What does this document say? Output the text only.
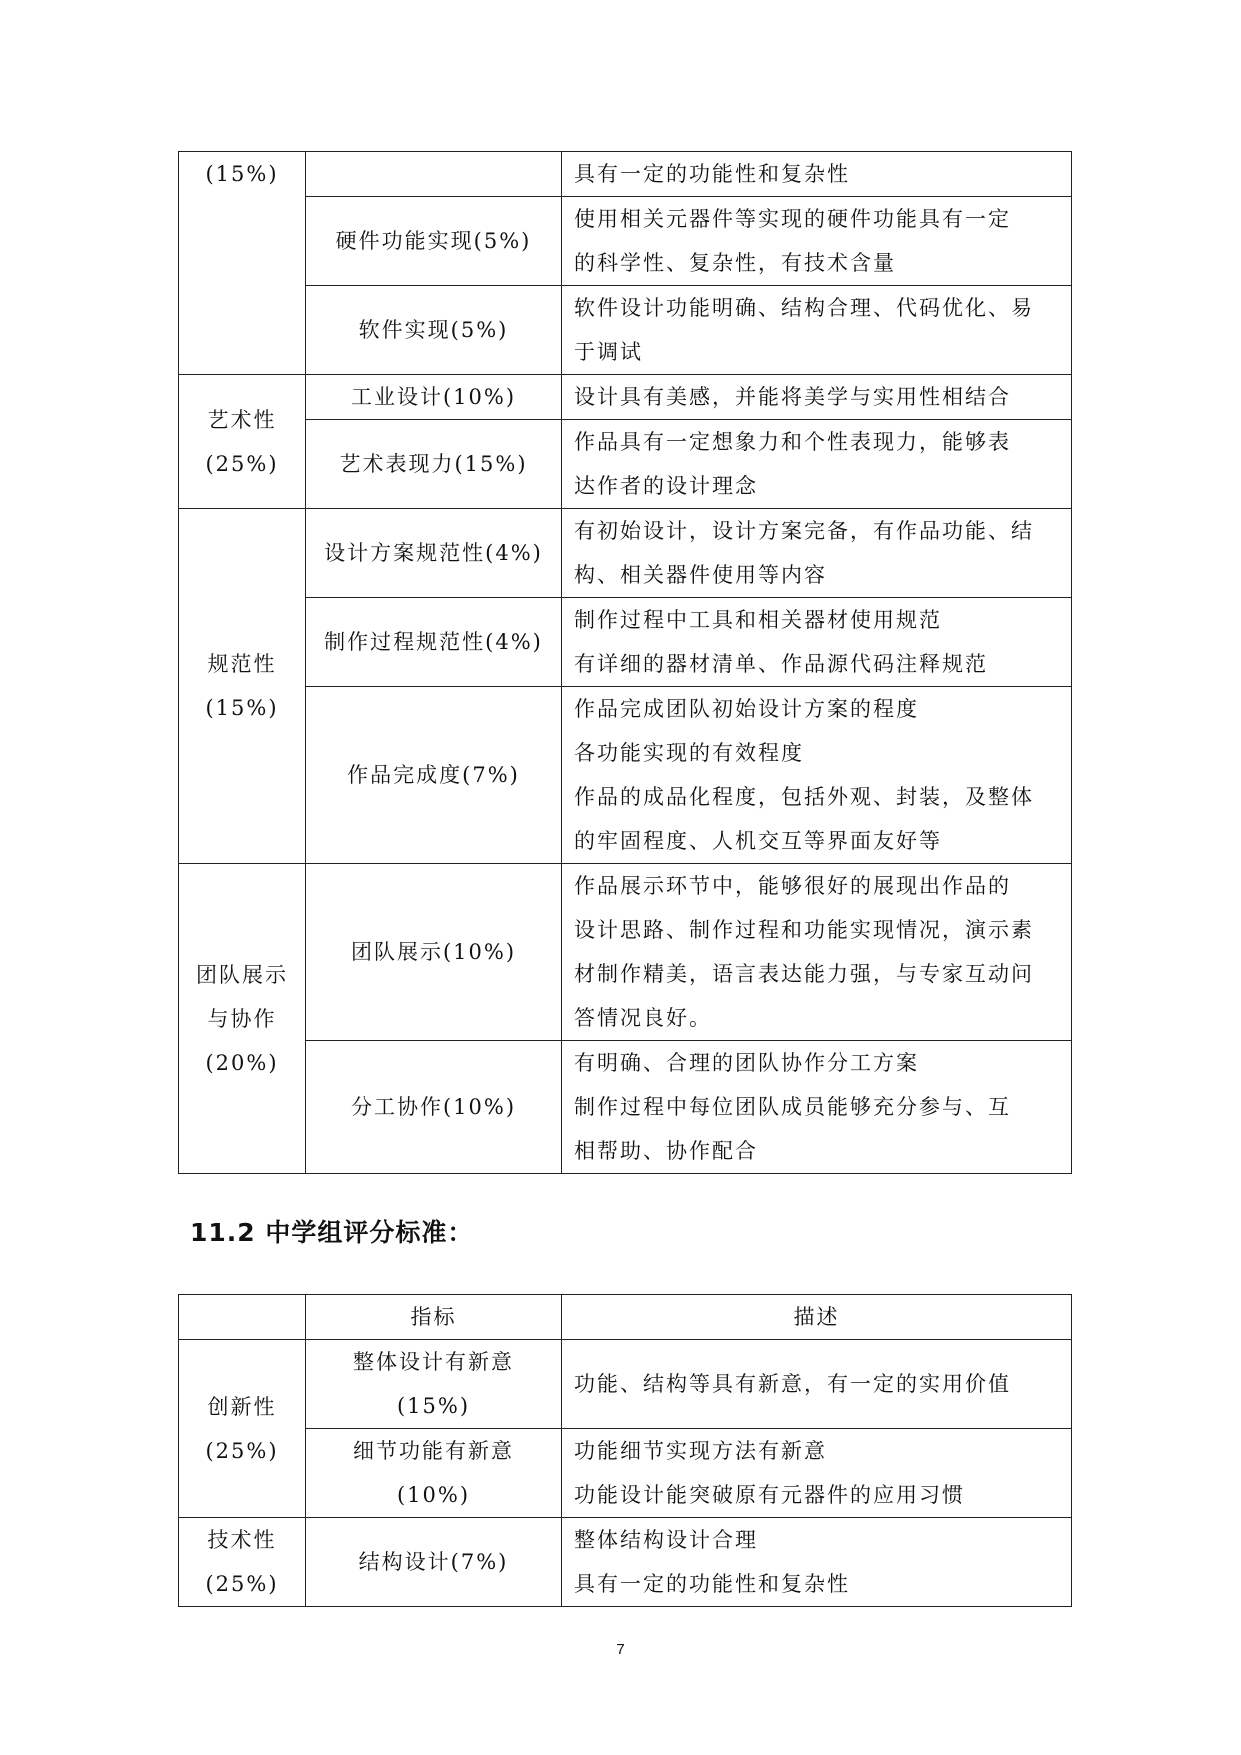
(15%)		具有一定的功能性和复杂性

	硬件功能实现(5%)	使用相关元器件等实现的硬件功能具有一定
的科学性、复杂性，有技术含量

	软件实现(5%)	软件设计功能明确、结构合理、代码优化、易
于调试

艺术性
(25%)	工业设计(10%)	设计具有美感，并能将美学与实用性相结合

	艺术表现力(15%)	作品具有一定想象力和个性表现力，能够表
达作者的设计理念

规范性
(15%)	设计方案规范性(4%)	有初始设计，设计方案完备，有作品功能、结
构、相关器件使用等内容

	制作过程规范性(4%)	制作过程中工具和相关器材使用规范
有详细的器材清单、作品源代码注释规范

	作品完成度(7%)	作品完成团队初始设计方案的程度
各功能实现的有效程度
作品的成品化程度，包括外观、封装，及整体
的牢固程度、人机交互等界面友好等

团队展示
与协作
(20%)	团队展示(10%)	作品展示环节中，能够很好的展现出作品的
设计思路、制作过程和功能实现情况，演示素
材制作精美，语言表达能力强，与专家互动问
答情况良好。

	分工协作(10%)	有明确、合理的团队协作分工方案
制作过程中每位团队成员能够充分参与、互
相帮助、协作配合
11.2 中学组评分标准：

	指标	描述

创新性
(25%)	整体设计有新意
(15%)	功能、结构等具有新意，有一定的实用价值

	细节功能有新意
(10%)	功能细节实现方法有新意
功能设计能突破原有元器件的应用习惯

技术性
(25%)	结构设计(7%)	整体结构设计合理
具有一定的功能性和复杂性
7
